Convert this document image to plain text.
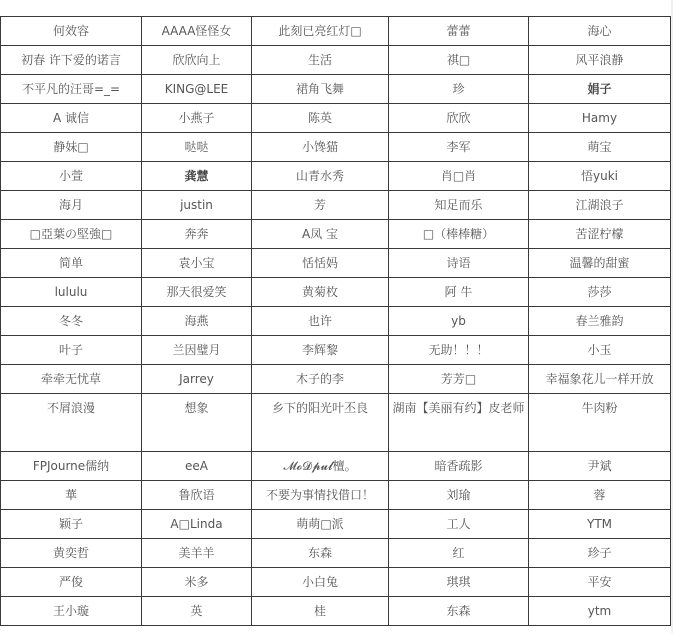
何效容	AAAA怪怪女	此刻已亮红灯□	蕾蕾	海心
初春 许下爱的诺言	欣欣向上	生活	祺□	风平浪静
不平凡的汪哥=_=	KING@LEE	裙角飞舞	珍	娟子
A 诚信	小燕子	陈英	欣欣	Hamy
静妹□	哒哒	小馋猫	李军	萌宝
小萱	龚慧	山青水秀	肖□肖	悟yuki
海月	justin	芳	知足而乐	江湖浪子
□亞葉の堅強□	奔奔	A凤 宝	□（棒棒糖）	苦涩柠檬
简单	袁小宝	恬恬妈	诗语	温馨的甜蜜
lululu	那天很爱笑	黄菊枚	阿 牛	莎莎
冬冬	海燕	也许	yb	春兰雅韵
叶子	兰因璧月	李辉黎	无助！！！	小玉
牵牵无忧草	Jarrey	木子的李	芳芳□	幸福象花儿一样开放
不屑浪漫	想象	乡下的阳光叶丕良	湖南【美丽有约】皮老师	牛肉粉
FPJourne儒纳	eeA	𝓜𝓸𝓓𝓹𝓾𝓵檀。	暗香疏影	尹斌
華	鲁欣语	不要为事情找借口！	刘瑜	蓉
颖子	A□Linda	萌萌□派	工人	YTM
黄奕哲	美羊羊	东森	红	珍子
严俊	米多	小白兔	琪琪	平安
王小璇	英	桂	东森	ytm
